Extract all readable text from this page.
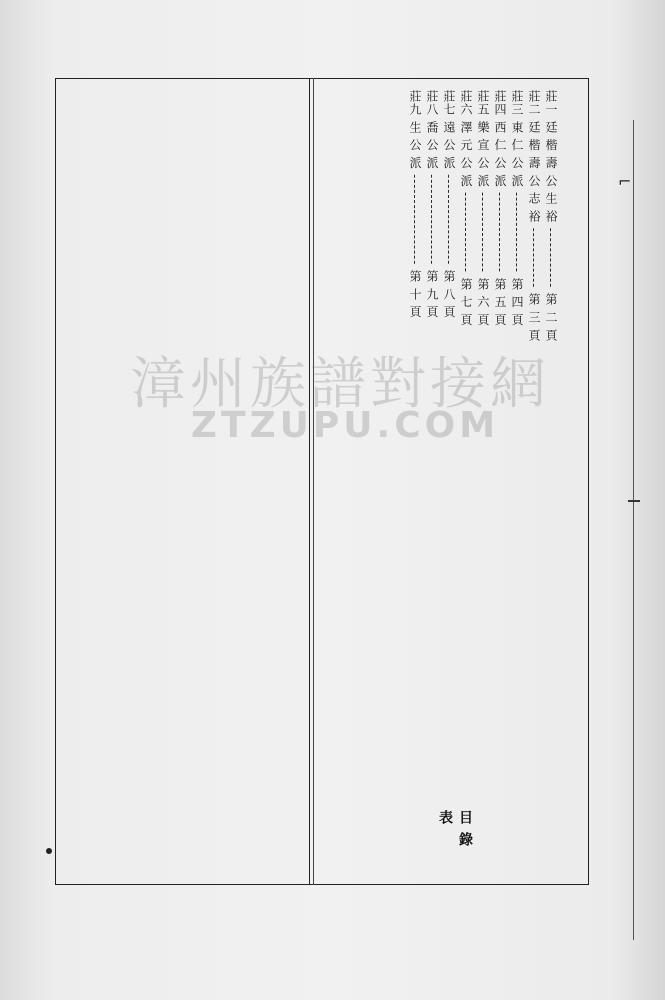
⌐
目錄表
莊一 廷 楷 壽 公 生 裕 ------------ 第 二 頁
莊二 廷 楷 壽 公 志 裕 ------------ 第 三 頁
莊三 東 仁 公 派 ---------------- 第 四 頁
莊四 西 仁 公 派 ---------------- 第 五 頁
莊五 樂 宣 公 派 ---------------- 第 六 頁
莊六 澤 元 公 派 ---------------- 第 七 頁
莊七 遠 公 派 ------------------ 第 八 頁
莊八 喬 公 派 ------------------ 第 九 頁
莊九 生 公 派 ------------------ 第 十 頁
漳州族譜對接網
ZTZUPU.COM
